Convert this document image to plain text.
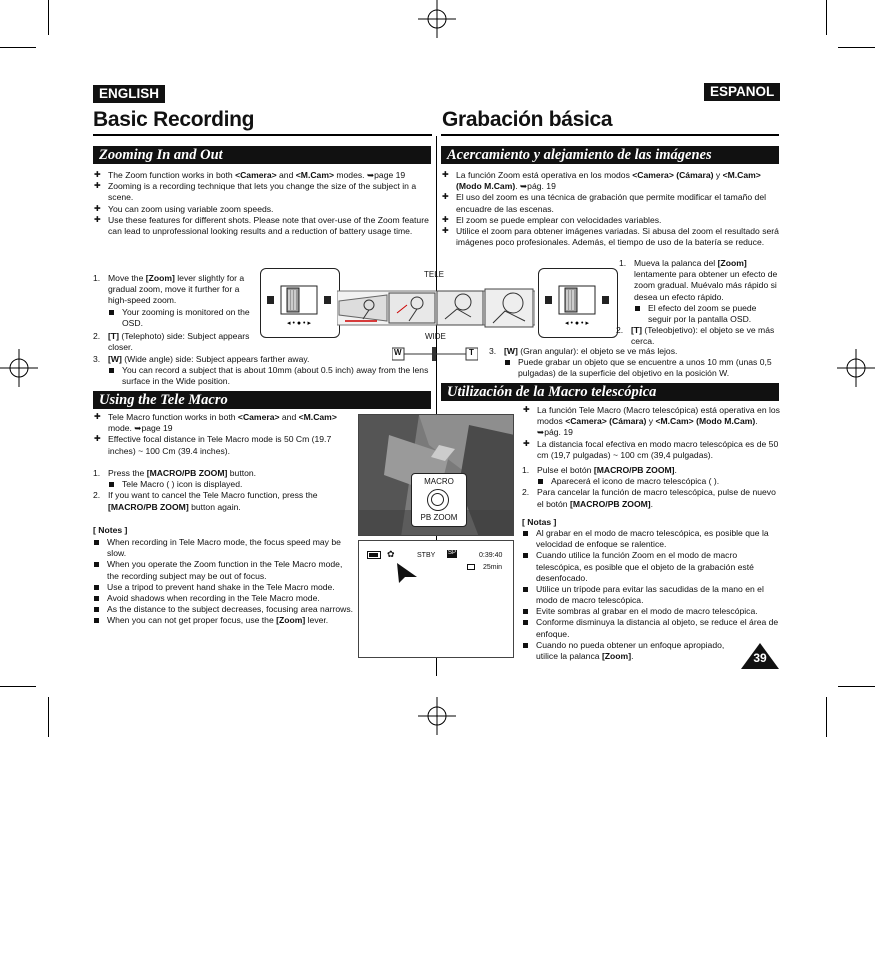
ENGLISH	ESPANOL
Basic Recording	Grabación básica
Zooming In and Out
✚ The Zoom function works in both <Camera> and <M.Cam> modes. ➥page 19
✚ Zooming is a recording technique that lets you change the size of the subject in a scene.
✚ You can zoom using variable zoom speeds.
✚ Use these features for different shots. Please note that over-use of the Zoom feature can lead to unprofessional looking results and a reduction of battery usage time.
1. Move the [Zoom] lever slightly for a gradual zoom, move it further for a high-speed zoom.
Your zooming is monitored on the OSD.
2. [T] (Telephoto) side: Subject appears closer.
3. [W] (Wide angle) side: Subject appears farther away.
You can record a subject that is about 10mm (about 0.5 inch) away from the lens surface in the Wide position.
◂ • ● • ▸
TELE
◂ • ● • ▸
WIDE
W	T
Using the Tele Macro
✚ Tele Macro function works in both <Camera> and <M.Cam> mode. ➥page 19
✚ Effective focal distance in Tele Macro mode is 50 Cm (19.7 inches) ~ 100 Cm (39.4 inches).
1. Press the [MACRO/PB ZOOM] button.
Tele Macro ( ) icon is displayed.
2. If you want to cancel the Tele Macro function, press the [MACRO/PB ZOOM] button again.
[ Notes ]
When recording in Tele Macro mode, the focus speed may be slow.
When you operate the Zoom function in the Tele Macro mode, the recording subject may be out of focus.
Use a tripod to prevent hand shake in the Tele Macro mode.
Avoid shadows when recording in the Tele Macro mode.
As the distance to the subject decreases, focusing area narrows.
When you can not get proper focus, use the [Zoom] lever.
MACRO
PB ZOOM
✿	STBY SP	0:39:40
25min
Acercamiento y alejamiento de las imágenes
✚ La función Zoom está operativa en los modos <Camera> (Cámara) y <M.Cam> (Modo M.Cam). ➥pág. 19
✚ El uso del zoom es una técnica de grabación que permite modificar el tamaño del encuadre de las escenas.
✚ El zoom se puede emplear con velocidades variables.
✚ Utilice el zoom para obtener imágenes variadas. Si abusa del zoom el resultado será imágenes poco profesionales. Además, el tiempo de uso de la batería se reduce.
1. Mueva la palanca del [Zoom] lentamente para obtener un efecto de zoom gradual. Muévalo más rápido si desea un efecto rápido.
El efecto del zoom se puede seguir por la pantalla OSD.
2. [T] (Teleobjetivo): el objeto se ve más cerca.
3. [W] (Gran angular): el objeto se ve más lejos.
Puede grabar un objeto que se encuentre a unos 10 mm (unas 0,5 pulgadas) de la superficie del objetivo en la posición W.
Utilización de la Macro telescópica
✚ La función Tele Macro (Macro telescópica) está operativa en los modos <Camera> (Cámara) y <M.Cam> (Modo M.Cam). ➥pág. 19
✚ La distancia focal efectiva en modo macro telescópica es de 50 cm (19,7 pulgadas) ~ 100 cm (39,4 pulgadas).
1. Pulse el botón [MACRO/PB ZOOM].
Aparecerá el icono de macro telescópica ( ).
2. Para cancelar la función de macro telescópica, pulse de nuevo el botón [MACRO/PB ZOOM].
[ Notas ]
Al grabar en el modo de macro telescópica, es posible que la velocidad de enfoque se ralentice.
Cuando utilice la función Zoom en el modo de macro telescópica, es posible que el objeto de la grabación esté desenfocado.
Utilice un trípode para evitar las sacudidas de la mano en el modo de macro telescópica.
Evite sombras al grabar en el modo de macro telescópica.
Conforme disminuya la distancia al objeto, se reduce el área de enfoque.
Cuando no pueda obtener un enfoque apropiado, utilice la palanca [Zoom].	39
